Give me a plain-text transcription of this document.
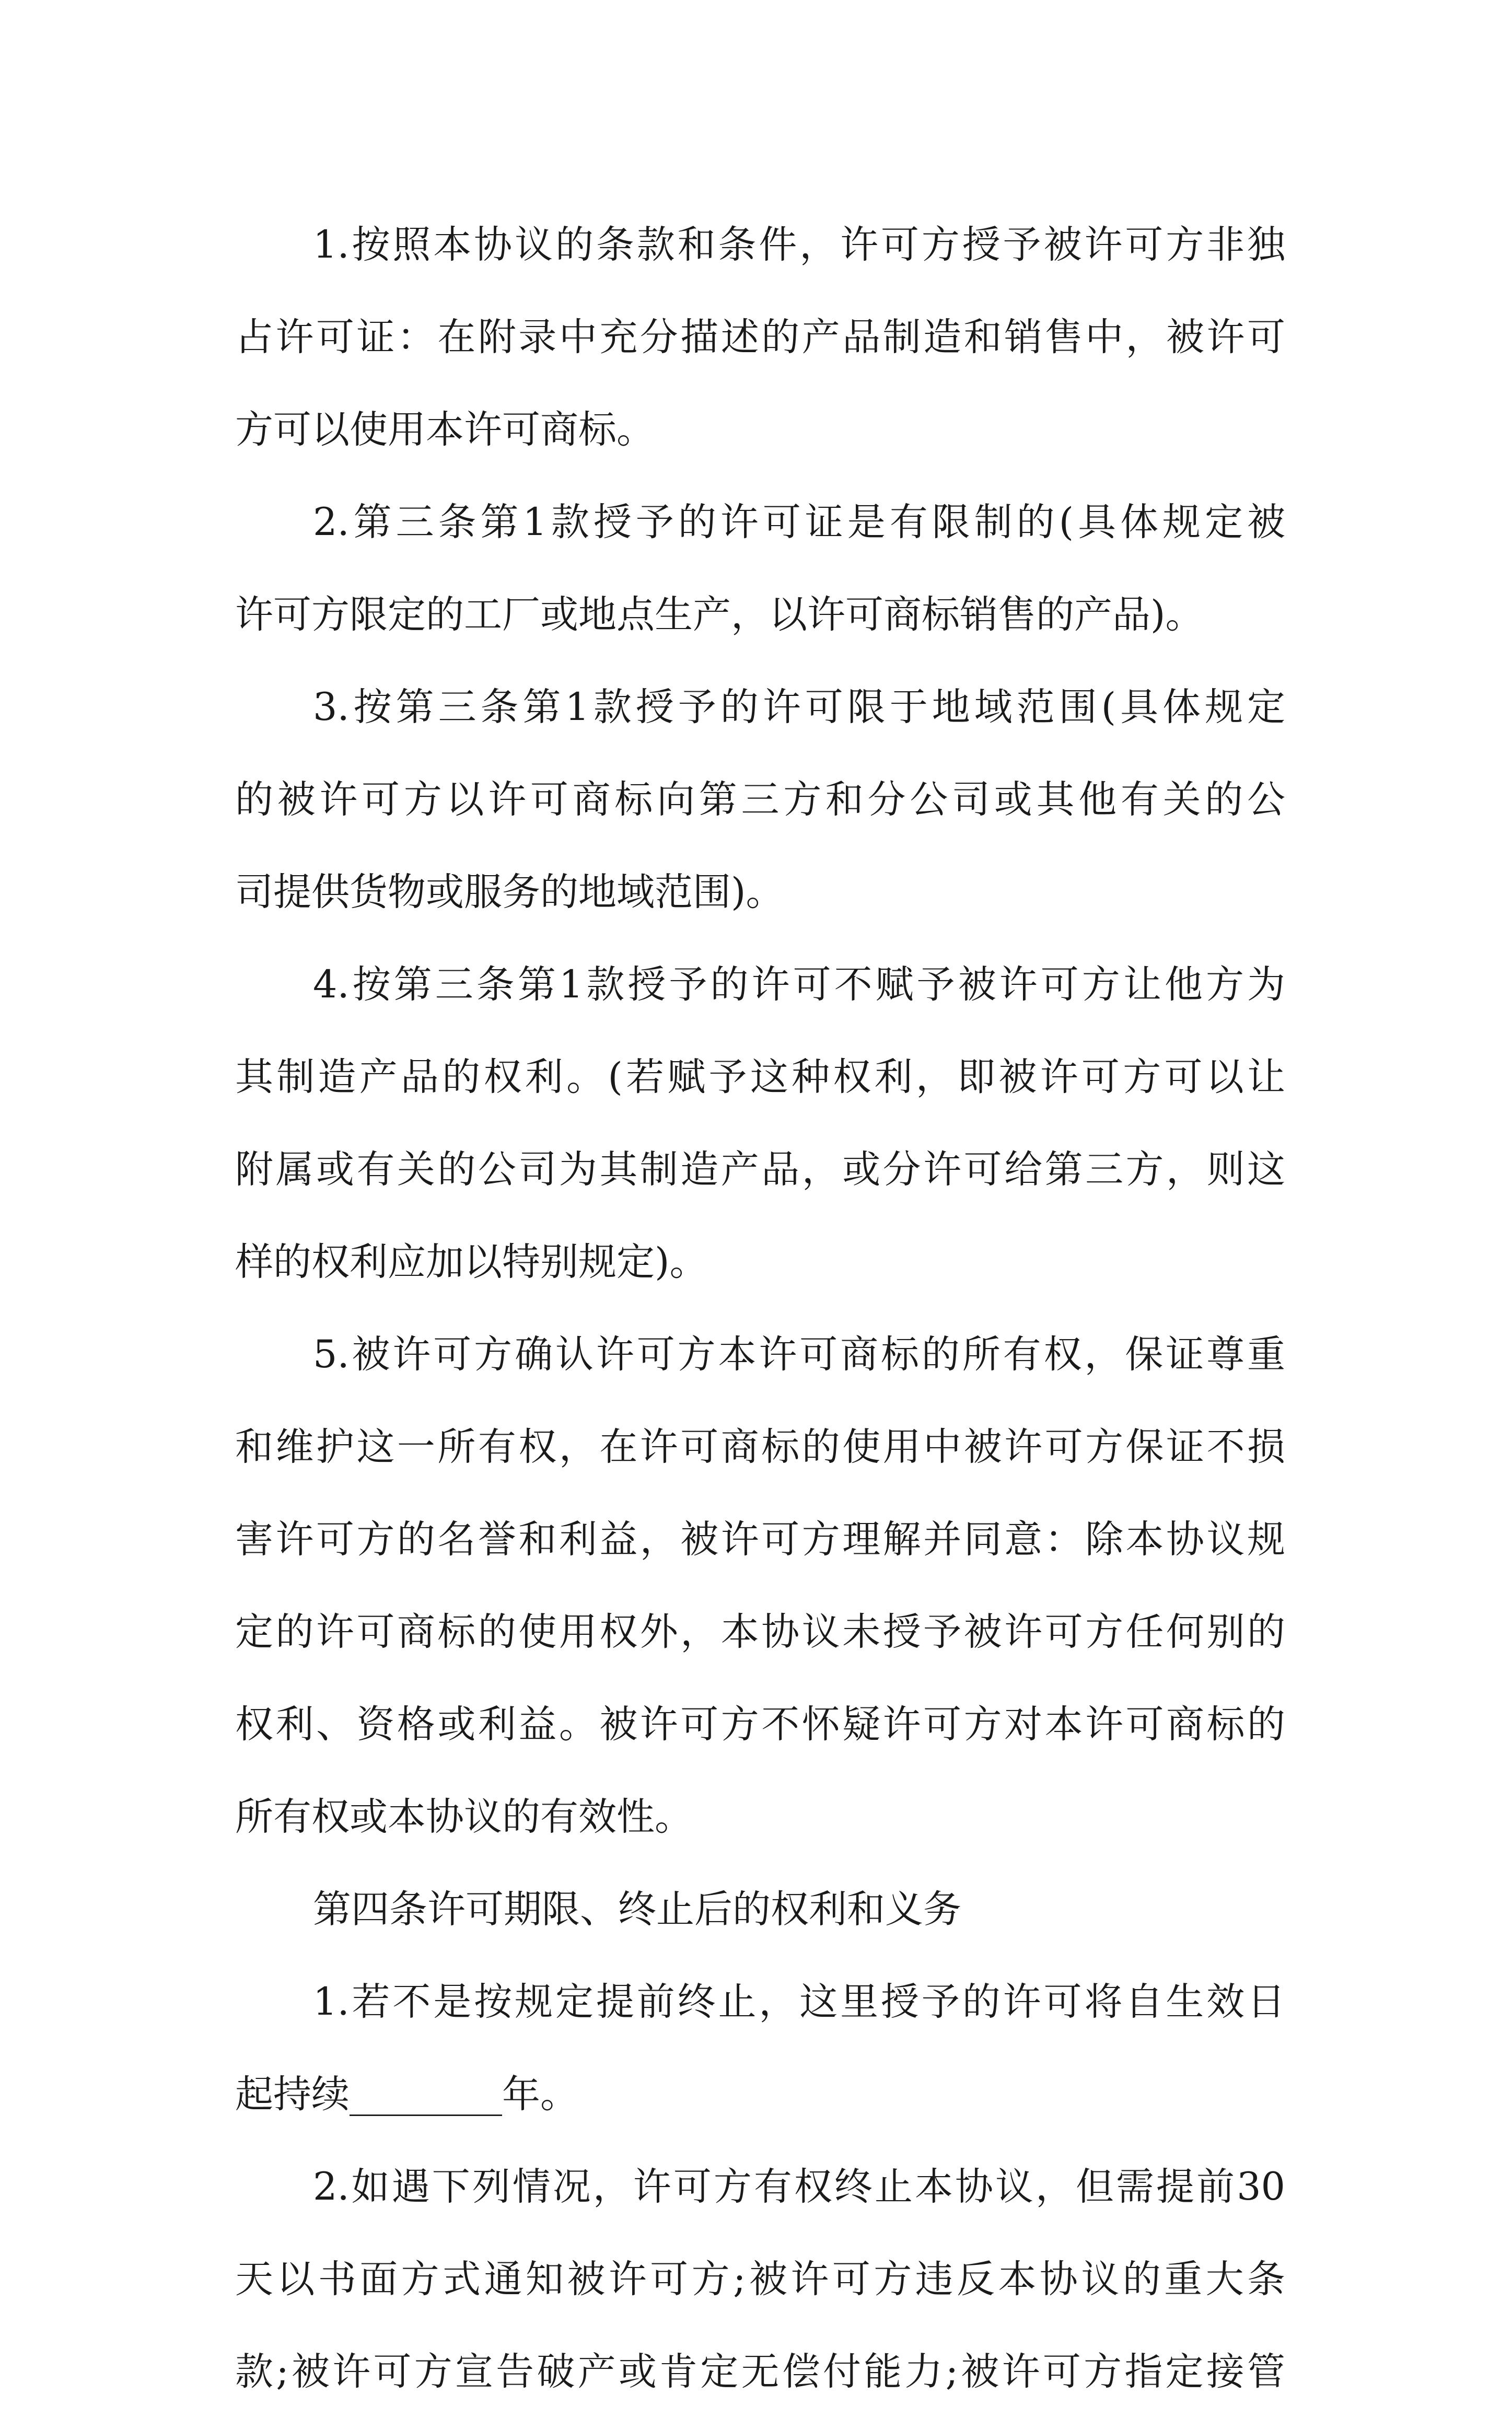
1.按照本协议的条款和条件，许可方授予被许可方非独
占许可证：在附录中充分描述的产品制造和销售中，被许可
方可以使用本许可商标。
2.第三条第1款授予的许可证是有限制的(具体规定被
许可方限定的工厂或地点生产，以许可商标销售的产品)。
3.按第三条第1款授予的许可限于地域范围(具体规定
的被许可方以许可商标向第三方和分公司或其他有关的公
司提供货物或服务的地域范围)。
4.按第三条第1款授予的许可不赋予被许可方让他方为
其制造产品的权利。(若赋予这种权利，即被许可方可以让
附属或有关的公司为其制造产品，或分许可给第三方，则这
样的权利应加以特别规定)。
5.被许可方确认许可方本许可商标的所有权，保证尊重
和维护这一所有权，在许可商标的使用中被许可方保证不损
害许可方的名誉和利益，被许可方理解并同意：除本协议规
定的许可商标的使用权外，本协议未授予被许可方任何别的
权利、资格或利益。被许可方不怀疑许可方对本许可商标的
所有权或本协议的有效性。
第四条许可期限、终止后的权利和义务
1.若不是按规定提前终止，这里授予的许可将自生效日
起持续________年。
2.如遇下列情况，许可方有权终止本协议，但需提前30
天以书面方式通知被许可方;被许可方违反本协议的重大条
款;被许可方宣告破产或肯定无偿付能力;被许可方指定接管
